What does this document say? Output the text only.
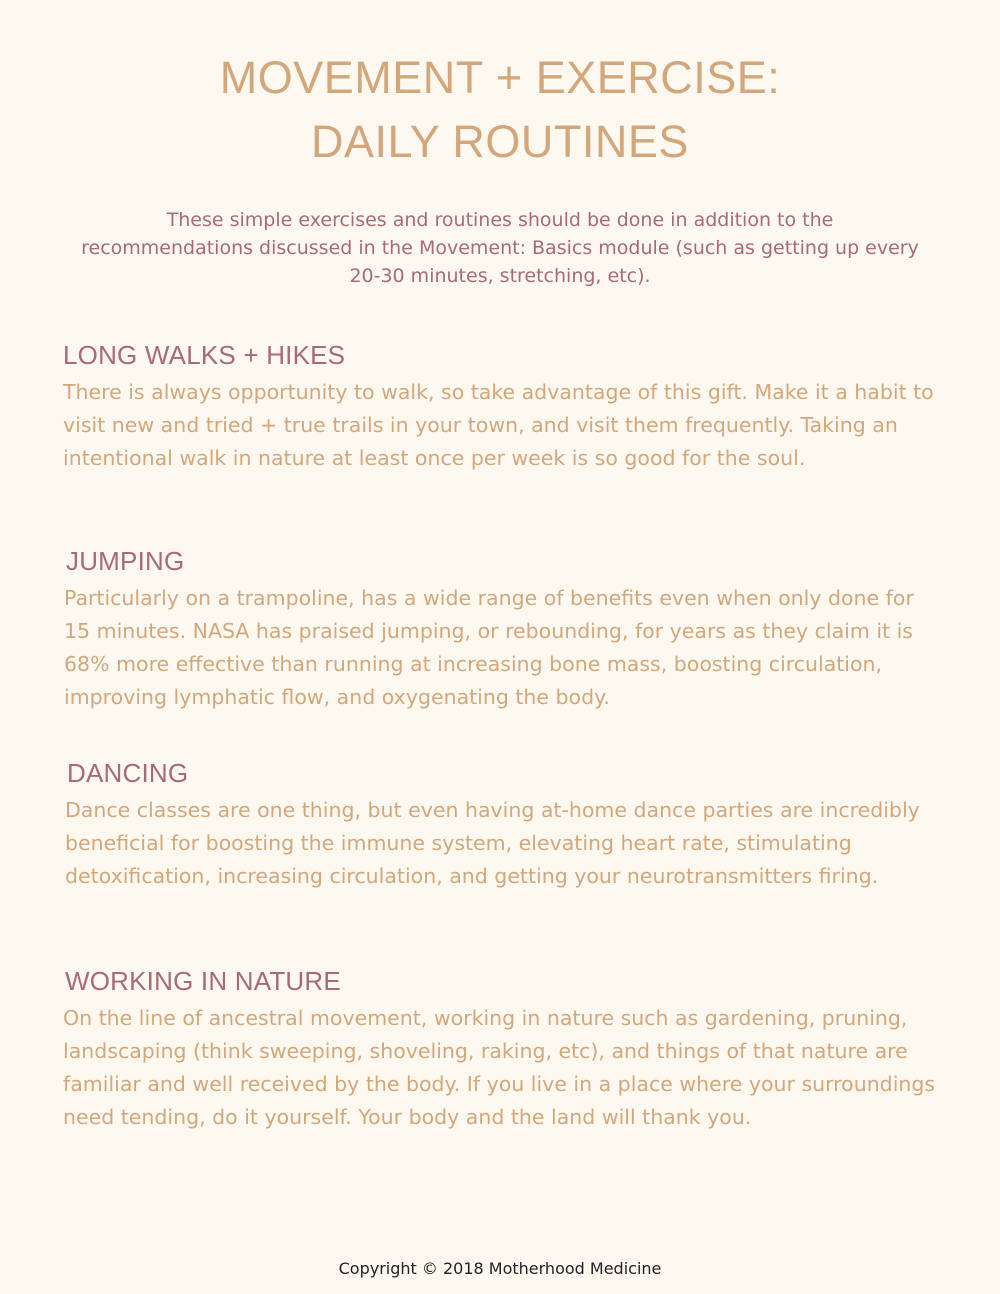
MOVEMENT + EXERCISE:
DAILY ROUTINES

These simple exercises and routines should be done in addition to the recommendations discussed in the Movement: Basics module (such as getting up every 20-30 minutes, stretching, etc).

LONG WALKS + HIKES

There is always opportunity to walk, so take advantage of this gift. Make it a habit to visit new and tried + true trails in your town, and visit them frequently. Taking an intentional walk in nature at least once per week is so good for the soul.

JUMPING

Particularly on a trampoline, has a wide range of benefits even when only done for 15 minutes. NASA has praised jumping, or rebounding, for years as they claim it is 68% more effective than running at increasing bone mass, boosting circulation, improving lymphatic flow, and oxygenating the body.

DANCING

Dance classes are one thing, but even having at-home dance parties are incredibly beneficial for boosting the immune system, elevating heart rate, stimulating detoxification, increasing circulation, and getting your neurotransmitters firing.

WORKING IN NATURE

On the line of ancestral movement, working in nature such as gardening, pruning, landscaping (think sweeping, shoveling, raking, etc), and things of that nature are familiar and well received by the body. If you live in a place where your surroundings need tending, do it yourself. Your body and the land will thank you.

Copyright © 2018 Motherhood Medicine
